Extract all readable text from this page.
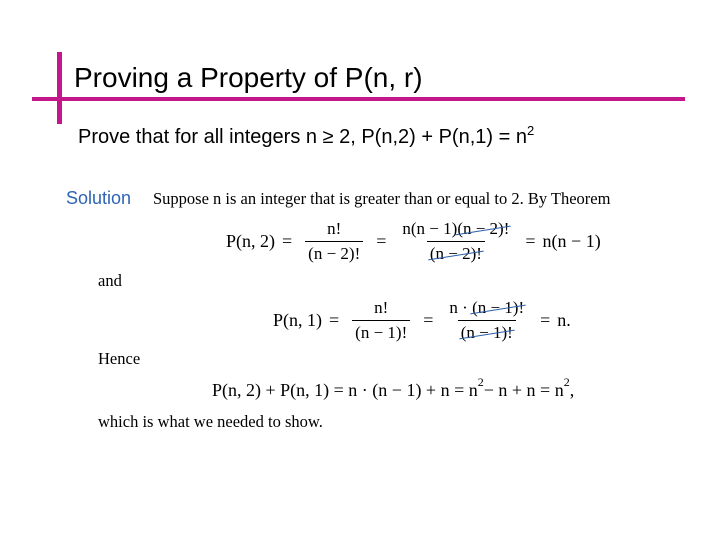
Proving a Property of P(n, r)
Prove that for all integers n ≥ 2, $P(n,2) + P(n,1) = n^2$
Solution Suppose n is an integer that is greater than or equal to 2. By Theorem
P(n, $2) = \frac{n!}{(n - 2)!} = \frac{n(n - 1)(n - 2)!}{(n - 2)!} = n(n - 1)$
and
P(n, $1) = \frac{n!}{(n - 1)!} = \frac{n \cdot (n - 1)!}{(n - 1)!} = n$.
Hence
P(n, 2) + P(n, $1) = n \cdot (n - 1) + n = n^2 - n + n = n^2$ ,
which is what we needed to show.
